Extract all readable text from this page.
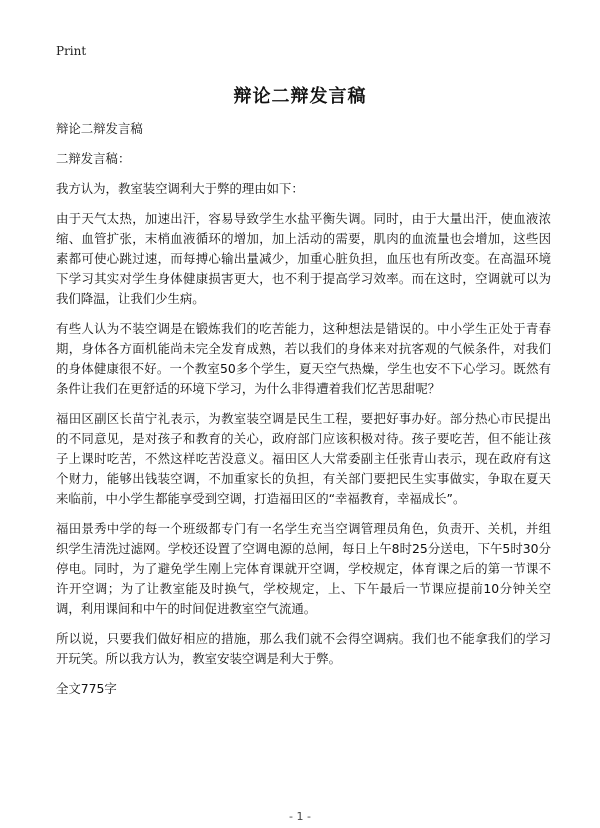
Print
辩论二辩发言稿

辩论二辩发言稿

二辩发言稿：

我方认为，教室装空调利大于弊的理由如下：

由于天气太热，加速出汗，容易导致学生水盐平衡失调。同时，由于大量出汗，使血液浓缩、血管扩张，末梢血液循环的增加，加上活动的需要，肌肉的血流量也会增加，这些因素都可使心跳过速，而每搏心输出量减少，加重心脏负担，血压也有所改变。在高温环境下学习其实对学生身体健康损害更大，也不利于提高学习效率。而在这时，空调就可以为我们降温，让我们少生病。

有些人认为不装空调是在锻炼我们的吃苦能力，这种想法是错误的。中小学生正处于青春期，身体各方面机能尚未完全发育成熟，若以我们的身体来对抗客观的气候条件，对我们的身体健康很不好。一个教室50多个学生，夏天空气热燥，学生也安不下心学习。既然有条件让我们在更舒适的环境下学习，为什么非得遭着我们忆苦思甜呢？

福田区副区长苗宁礼表示，为教室装空调是民生工程，要把好事办好。部分热心市民提出的不同意见，是对孩子和教育的关心，政府部门应该积极对待。孩子要吃苦，但不能让孩子上课时吃苦，不然这样吃苦没意义。福田区人大常委副主任张青山表示，现在政府有这个财力，能够出钱装空调，不加重家长的负担，有关部门要把民生实事做实，争取在夏天来临前，中小学生都能享受到空调，打造福田区的“幸福教育，幸福成长”。

福田景秀中学的每一个班级都专门有一名学生充当空调管理员角色，负责开、关机，并组织学生清洗过滤网。学校还设置了空调电源的总闸，每日上午8时25分送电，下午5时30分停电。同时，为了避免学生刚上完体育课就开空调，学校规定，体育课之后的第一节课不许开空调；为了让教室能及时换气，学校规定，上、下午最后一节课应提前10分钟关空调，利用课间和中午的时间促进教室空气流通。

所以说，只要我们做好相应的措施，那么我们就不会得空调病。我们也不能拿我们的学习开玩笑。所以我方认为，教室安装空调是利大于弊。

全文775字

- 1 -
